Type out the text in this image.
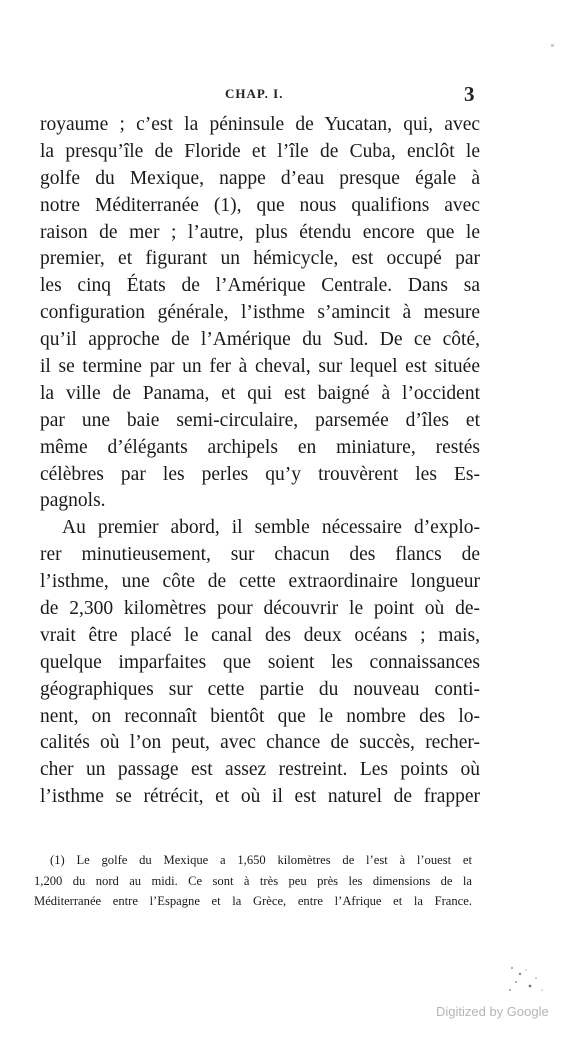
CHAP. I.	3
royaume ; c’est la péninsule de Yucatan, qui, avec
la presqu’île de Floride et l’île de Cuba, enclôt le
golfe du Mexique, nappe d’eau presque égale à
notre Méditerranée (1), que nous qualifions avec
raison de mer ; l’autre, plus étendu encore que le
premier, et figurant un hémicycle, est occupé par
les cinq États de l’Amérique Centrale. Dans sa
configuration générale, l’isthme s’amincit à mesure
qu’il approche de l’Amérique du Sud. De ce côté,
il se termine par un fer à cheval, sur lequel est située
la ville de Panama, et qui est baigné à l’occident
par une baie semi-circulaire, parsemée d’îles et
même d’élégants archipels en miniature, restés
célèbres par les perles qu’y trouvèrent les Es-
pagnols.
Au premier abord, il semble nécessaire d’explo-
rer minutieusement, sur chacun des flancs de
l’isthme, une côte de cette extraordinaire longueur
de 2,300 kilomètres pour découvrir le point où de-
vrait être placé le canal des deux océans ; mais,
quelque imparfaites que soient les connaissances
géographiques sur cette partie du nouveau conti-
nent, on reconnaît bientôt que le nombre des lo-
calités où l’on peut, avec chance de succès, recher-
cher un passage est assez restreint. Les points où
l’isthme se rétrécit, et où il est naturel de frapper
(1) Le golfe du Mexique a 1,650 kilomètres de l’est à l’ouest et
1,200 du nord au midi. Ce sont à très peu près les dimensions de la
Méditerranée entre l’Espagne et la Grèce, entre l’Afrique et la France.
Digitized by Google
